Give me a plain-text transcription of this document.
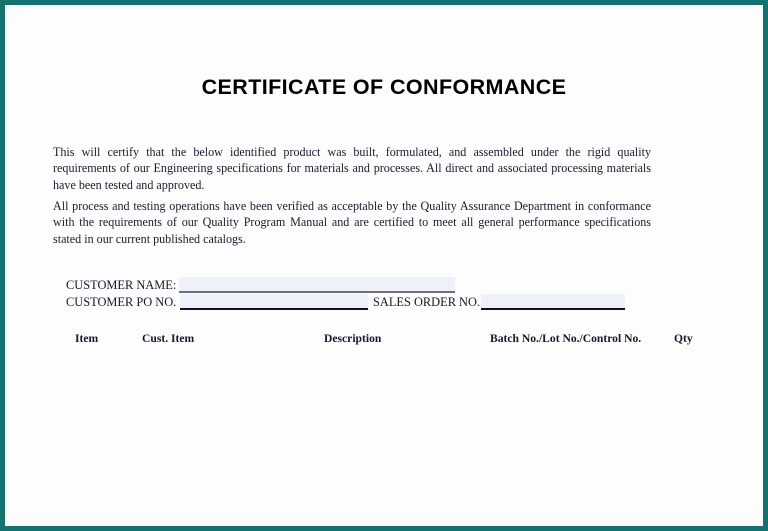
CERTIFICATE OF CONFORMANCE
This will certify that the below identified product was built, formulated, and assembled under the rigid quality requirements of our Engineering specifications for materials and processes. All direct and associated processing materials have been tested and approved.
All process and testing operations have been verified as acceptable by the Quality Assurance Department in conformance with the requirements of our Quality Program Manual and are certified to meet all general performance specifications stated in our current published catalogs.
CUSTOMER NAME:
CUSTOMER PO NO.	SALES ORDER NO.
Item	Cust. Item	Description	Batch No./Lot No./Control No.	Qty
